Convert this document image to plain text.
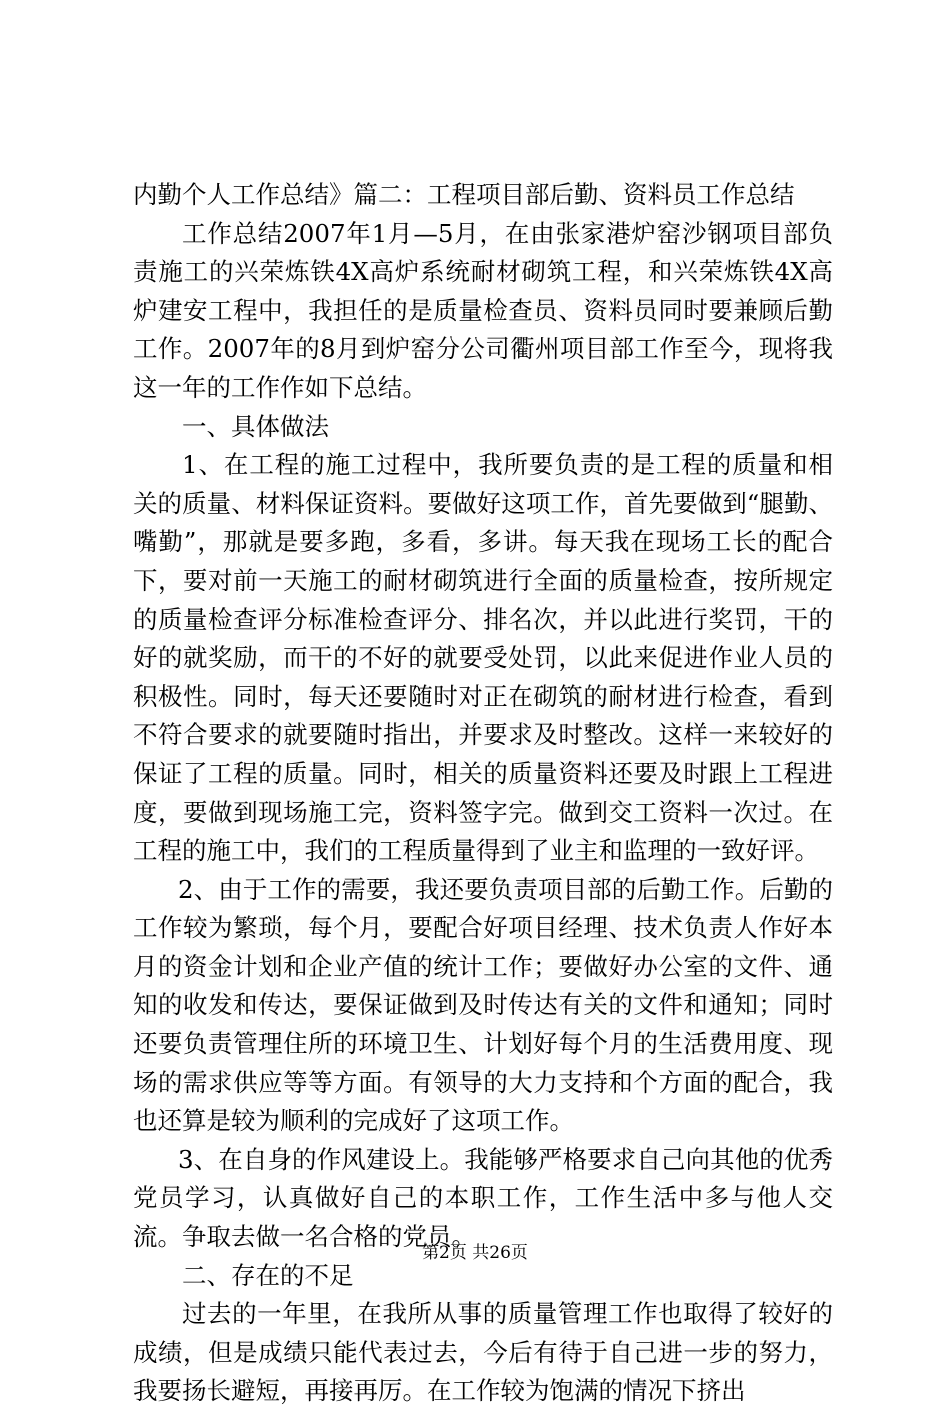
内勤个人工作总结》篇二：工程项目部后勤、资料员工作总结

工作总结2007年1月—5月，在由张家港炉窑沙钢项目部负责施工的兴荣炼铁4X高炉系统耐材砌筑工程，和兴荣炼铁4X高炉建安工程中，我担任的是质量检查员、资料员同时要兼顾后勤工作。2007年的8月到炉窑分公司衢州项目部工作至今，现将我这一年的工作作如下总结。

一、具体做法

1、在工程的施工过程中，我所要负责的是工程的质量和相关的质量、材料保证资料。要做好这项工作，首先要做到“腿勤、嘴勤”，那就是要多跑，多看，多讲。每天我在现场工长的配合下，要对前一天施工的耐材砌筑进行全面的质量检查，按所规定的质量检查评分标准检查评分、排名次，并以此进行奖罚，干的好的就奖励，而干的不好的就要受处罚，以此来促进作业人员的积极性。同时，每天还要随时对正在砌筑的耐材进行检查，看到不符合要求的就要随时指出，并要求及时整改。这样一来较好的保证了工程的质量。同时，相关的质量资料还要及时跟上工程进度，要做到现场施工完，资料签字完。做到交工资料一次过。在工程的施工中，我们的工程质量得到了业主和监理的一致好评。

2、由于工作的需要，我还要负责项目部的后勤工作。后勤的工作较为繁琐，每个月，要配合好项目经理、技术负责人作好本月的资金计划和企业产值的统计工作；要做好办公室的文件、通知的收发和传达，要保证做到及时传达有关的文件和通知；同时还要负责管理住所的环境卫生、计划好每个月的生活费用度、现场的需求供应等等方面。有领导的大力支持和个方面的配合，我也还算是较为顺利的完成好了这项工作。

3、在自身的作风建设上。我能够严格要求自己向其他的优秀党员学习，认真做好自己的本职工作，工作生活中多与他人交流。争取去做一名合格的党员。

二、存在的不足

过去的一年里，在我所从事的质量管理工作也取得了较好的成绩，但是成绩只能代表过去，今后有待于自己进一步的努力，我要扬长避短，再接再厉。在工作较为饱满的情况下挤出

第2页 共26页
